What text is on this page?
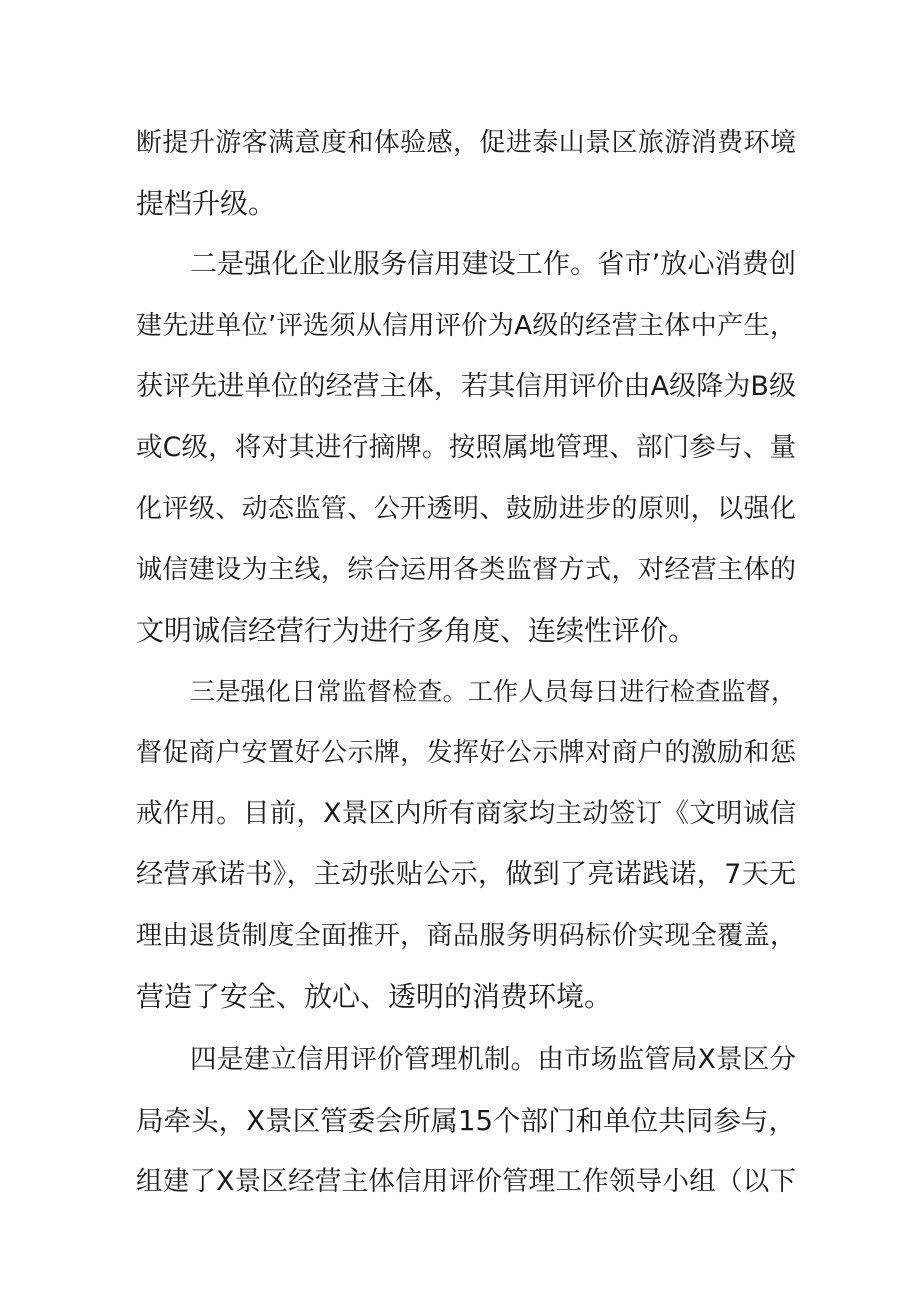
断提升游客满意度和体验感，促进泰山景区旅游消费环境
提档升级。
二是强化企业服务信用建设工作。省市’放心消费创
建先进单位’评选须从信用评价为A级的经营主体中产生，
获评先进单位的经营主体，若其信用评价由A级降为B级
或C级，将对其进行摘牌。按照属地管理、部门参与、量
化评级、动态监管、公开透明、鼓励进步的原则，以强化
诚信建设为主线，综合运用各类监督方式，对经营主体的
文明诚信经营行为进行多角度、连续性评价。
三是强化日常监督检查。工作人员每日进行检查监督，
督促商户安置好公示牌，发挥好公示牌对商户的激励和惩
戒作用。目前，X景区内所有商家均主动签订《文明诚信
经营承诺书》，主动张贴公示，做到了亮诺践诺，7天无
理由退货制度全面推开，商品服务明码标价实现全覆盖，
营造了安全、放心、透明的消费环境。
四是建立信用评价管理机制。由市场监管局X景区分
局牵头，X景区管委会所属15个部门和单位共同参与，
组建了X景区经营主体信用评价管理工作领导小组（以下
